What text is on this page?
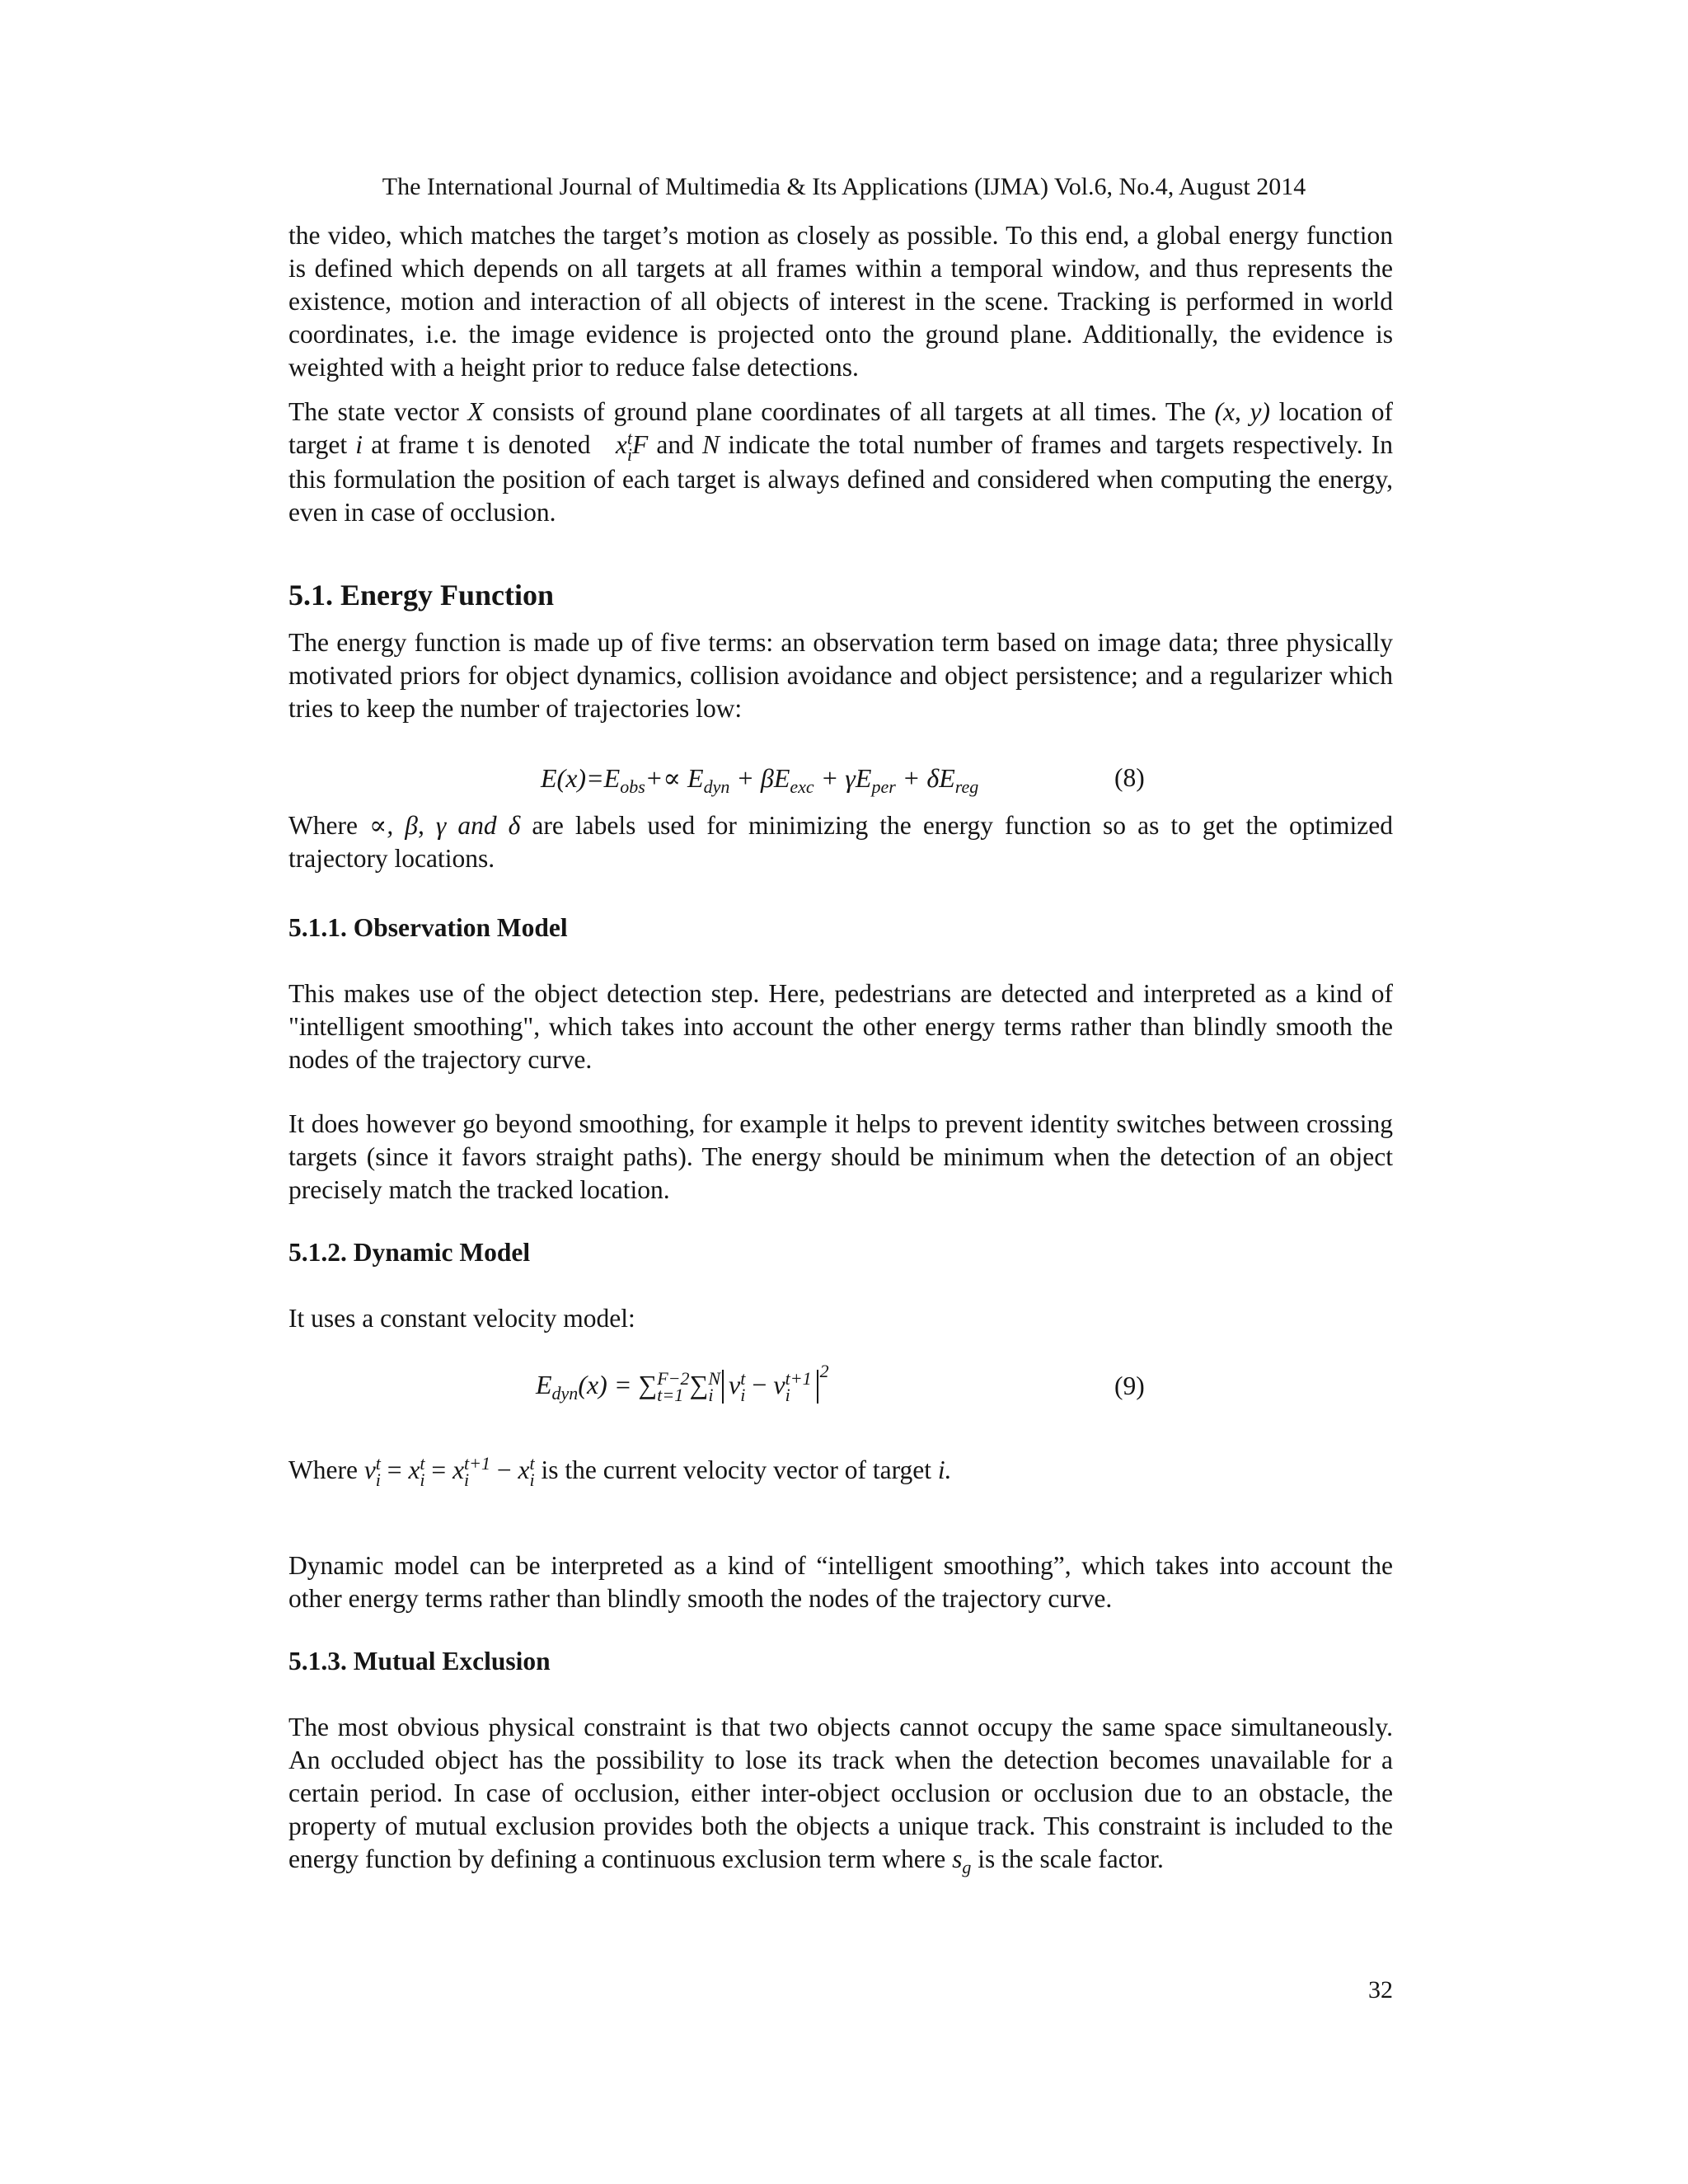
The International Journal of Multimedia & Its Applications (IJMA) Vol.6, No.4, August 2014

the video, which matches the target’s motion as closely as possible. To this end, a global energy function is defined which depends on all targets at all frames within a temporal window, and thus represents the existence, motion and interaction of all objects of interest in the scene. Tracking is performed in world coordinates, i.e. the image evidence is projected onto the ground plane. Additionally, the evidence is weighted with a height prior to reduce false detections.

The state vector X consists of ground plane coordinates of all targets at all times. The (x, y) location of target i at frame t is denoted   x t
i F and N indicate the total number of frames and targets respectively. In this formulation the position of each target is always defined and considered when computing the energy, even in case of occlusion.

5.1. Energy Function

The energy function is made up of five terms: an observation term based on image data; three physically motivated priors for object dynamics, collision avoidance and object persistence; and a regularizer which tries to keep the number of trajectories low:

$E(x)=E_{obs}+\propto E_{dyn} + \beta E_{exc} + \gamma E_{per} + \delta E_{reg}$	(8)

Where ∝, β, γ and δ are labels used for minimizing the energy function so as to get the optimized trajectory locations.

5.1.1. Observation Model

This makes use of the object detection step. Here, pedestrians are detected and interpreted as a kind of "intelligent smoothing", which takes into account the other energy terms rather than blindly smooth the nodes of the trajectory curve.

It does however go beyond smoothing, for example it helps to prevent identity switches between crossing targets (since it favors straight paths). The energy should be minimum when the detection of an object precisely match the tracked location.

5.1.2. Dynamic Model

It uses a constant velocity model:

$E_{dyn}(x)$ = ∑ F−2
t=1 ∑ N
i v t
i − v t+1
i
$^2$
(9)

Where v t
i = x t
i = x t+1
i − x t
i is the current velocity vector of target i.

Dynamic model can be interpreted as a kind of “intelligent smoothing”, which takes into account the other energy terms rather than blindly smooth the nodes of the trajectory curve.

5.1.3. Mutual Exclusion

The most obvious physical constraint is that two objects cannot occupy the same space simultaneously. An occluded object has the possibility to lose its track when the detection becomes unavailable for a certain period. In case of occlusion, either inter-object occlusion or occlusion due to an obstacle, the property of mutual exclusion provides both the objects a unique track. This constraint is included to the energy function by defining a continuous exclusion term where $s_g$ is the scale factor.

32
